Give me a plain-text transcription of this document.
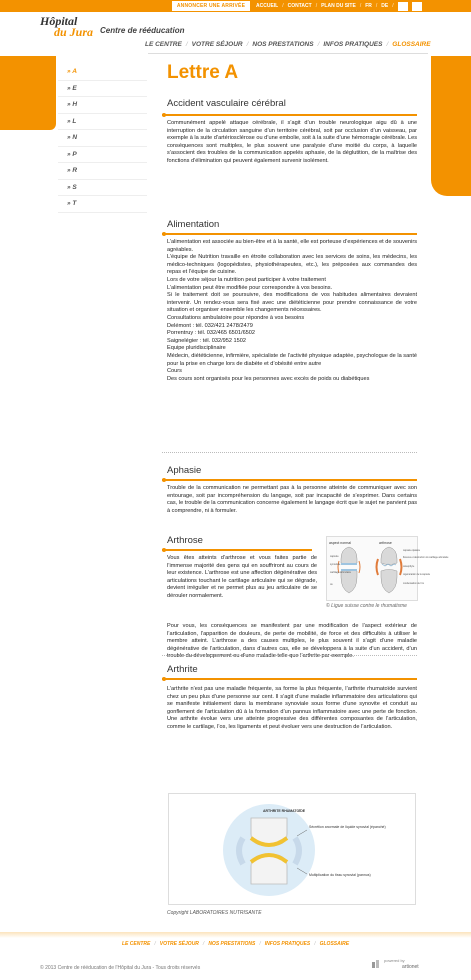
ANNONCER UNE ARRIVÉE	ACCUEIL / CONTACT / PLAN DU SITE / FR / DE /	T+	T-
Hôpital
du Jura Centre de rééducation
LE CENTRE / VOTRE SÉJOUR / NOS PRESTATIONS / INFOS PRATIQUES / GLOSSAIRE
» A
» E
» H
» L
» N
» P
» R
» S
» T
Lettre A
Accident vasculaire cérébral
Communément appelé attaque cérébrale, il s’agit d’un trouble neurologique aigu dû à une interruption de la circulation sanguine d’un territoire cérébral, soit par occlusion d’un vaisseau, par exemple à la suite d’artériosclérose ou d’une embolie, soit à la suite d’une hémorragie cérébrale. Les conséquences sont multiples, le plus souvent une paralysie d’une moitié du corps, à laquelle s’associent des troubles de la communication appelés aphasie, de la déglutition, de la maîtrise des fonctions d’élimination qui peuvent également survenir isolément.
Alimentation

L’alimentation est associée au bien-être et à la santé, elle est porteuse d’expériences et de souvenirs agréables.

L’équipe de Nutrition travaille en étroite collaboration avec les services de soins, les médecins, les médico-techniques (logopédistes, physiothérapeutes, etc.), les préposées aux commandes des repas et l’équipe de cuisine.

Lors de votre séjour la nutrition peut participer à votre traitement

L’alimentation peut être modifiée pour correspondre à vos besoins.

Si le traitement doit se poursuivre, des modifications de vos habitudes alimentaires devraient intervenir. Un rendez-vous sera fixé avec une diététicienne pour prendre connaissance de votre situation et organiser ensemble les changements nécessaires.

Consultations ambulatoire pour répondre à vos besoins

Delémont : tél. 032/421 2478/2479

Porrentruy : tél. 032/465 6501/6502

Saignelégier : tél. 032/952 1502

Equipe pluridisciplinaire

Médecin, diététicienne, infirmière, spécialiste de l’activité physique adaptée, psychologue de la santé pour la prise en charge lors de diabète et d’obésité entre autre

Cours

Des cours sont organisés pour les personnes avec excès de poids ou diabétiques

Aphasie
Trouble de la communication ne permettant pas à la personne atteinte de communiquer avec son entourage, soit par incompréhension du langage, soit par incapacité de s’exprimer. Dans certains cas, le trouble de la communication concerne également le langage écrit que le sujet ne parvient pas à comprendre, ni à formuler.
Arthrose
Vous êtes atteints d’arthrose et vous faites partie de l’immense majorité des gens qui en souffriront au cours de leur existence. L’arthrose est une affection dégénérative des articulations touchant le cartilage articulaire qui se dégrade, devient irrégulier et ne permet plus au jeu articulaire de se dérouler normalement.
Pour vous, les conséquences se manifestent par une modification de l’aspect extérieur de l’articulation, l’apparition de douleurs, de perte de mobilité, de force et des difficultés à utiliser le membre atteint. L’arthrose a des causes multiples, le plus souvent il s’agit d’une maladie dégénérative de l’articulation, dans d’autres cas, elle se développera à la suite d’un accident, d’un trouble du développement ou d’une maladie telle que l’arthrite par exemple.
aspect normal	arthrose
capsule
synoviale
cartilage articulaire
os
capsule épaissie
fissures et destruction du cartilage articulaire
ostéophyte
régénération de la capsule
condensation de l'os
© Ligue suisse contre le rhumatisme
Arthrite
L’arthrite n’est pas une maladie fréquente, sa forme la plus fréquente, l’arthrite rhumatoïde survient chez un peu plus d’une personne sur cent. Il s’agit d’une maladie inflammatoire des articulations qui se manifeste initialement dans la membrane synoviale sous forme d’une synovite et conduit au gonflement de l’articulation dû à la formation d’un pannus inflammatoire avec une perte de fonction. Une arthrite évolue vers une atteinte progressive des différentes composantes de l’articulation, comme le cartilage, l’os, les ligaments et peut évoluer vers une destruction de l’articulation.
ARTHRITE RHUMATOÏDE
Sécrétion anormale de liquide synovial (épanché)
Multiplication du tissu synovial (pannus)
Copyright LABORATOIRES NUTRISANTE
LE CENTRE / VOTRE SÉJOUR / NOS PRESTATIONS / INFOS PRATIQUES / GLOSSAIRE
© 2013 Centre de rééducation de l'Hôpital du Jura - Tous droits réservés
powered by
artionet
